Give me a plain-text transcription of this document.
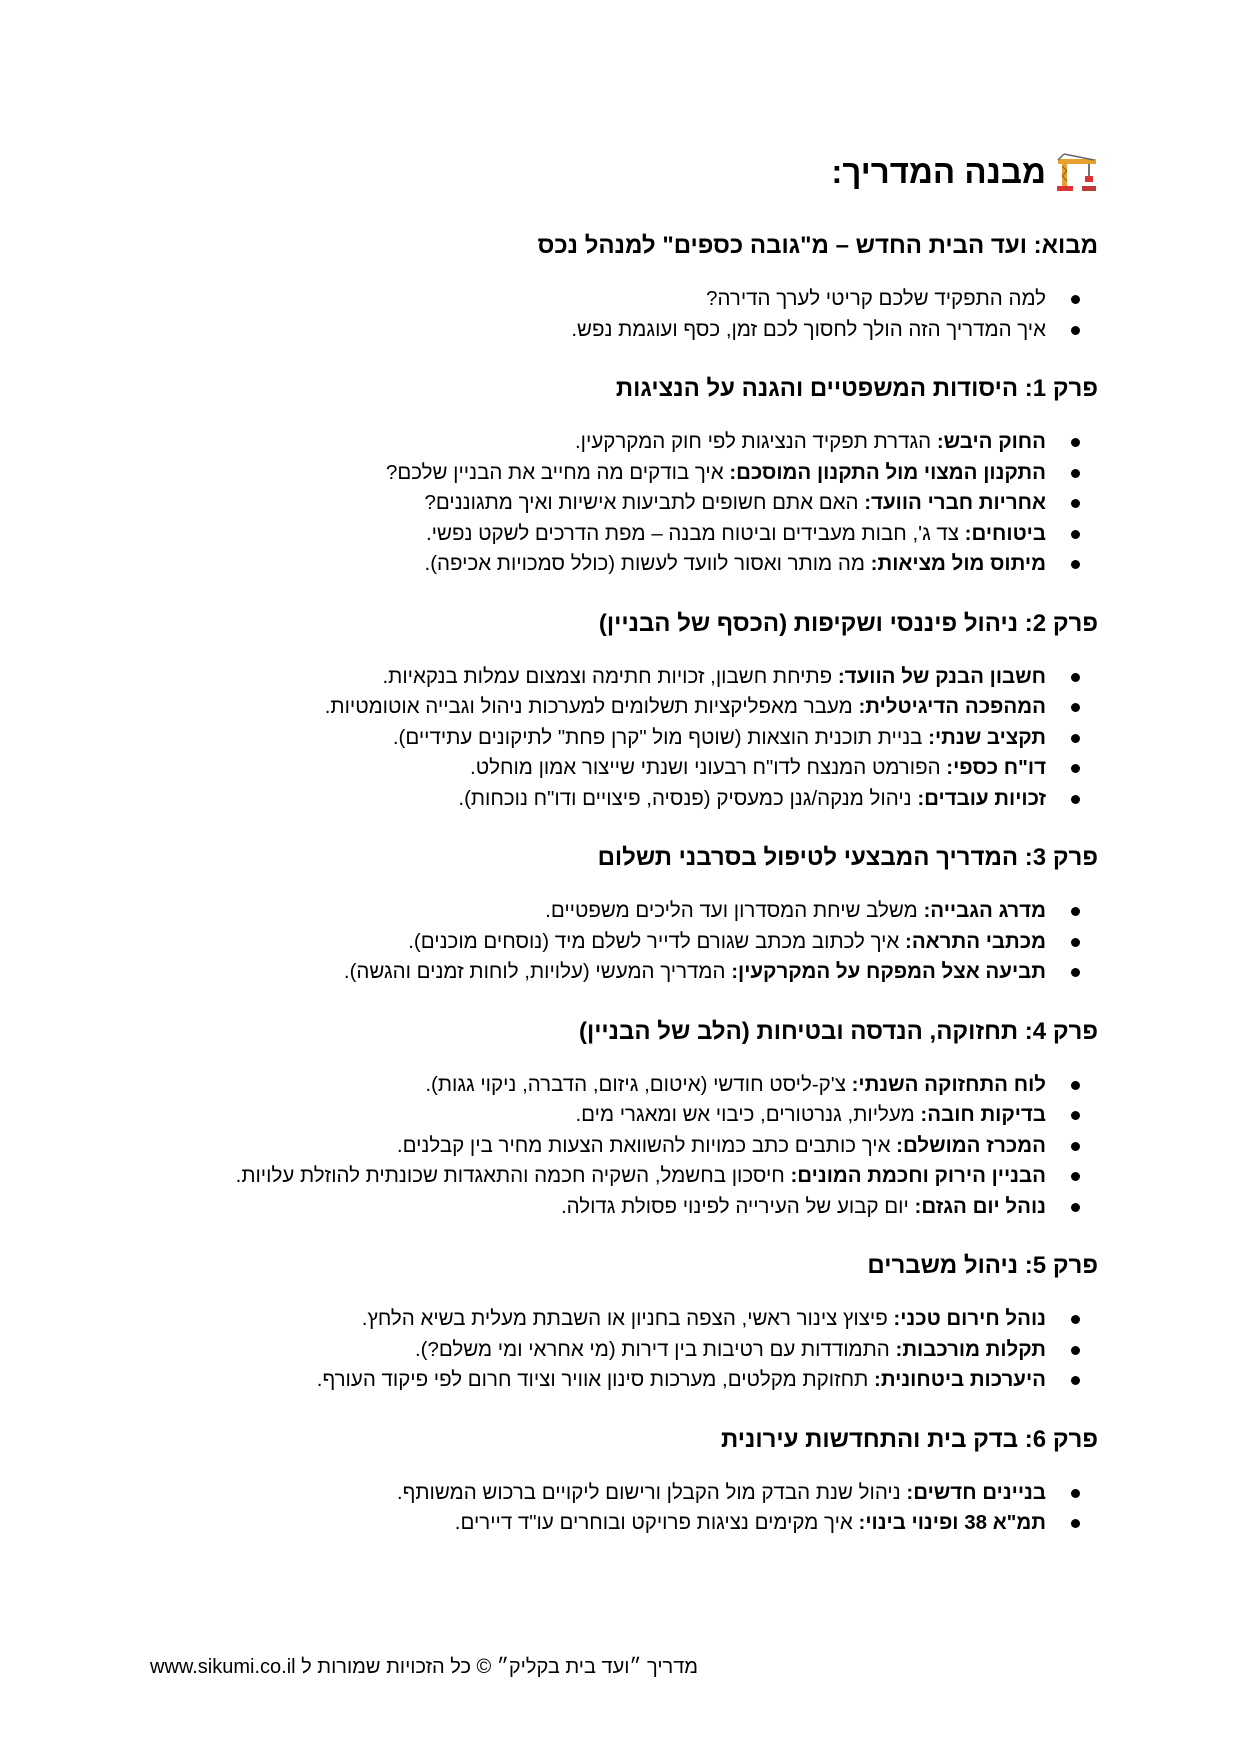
מבנה המדריך:
מבוא: ועד הבית החדש – מ"גובה כספים" למנהל נכס
למה התפקיד שלכם קריטי לערך הדירה?
איך המדריך הזה הולך לחסוך לכם זמן, כסף ועוגמת נפש.
פרק 1: היסודות המשפטיים והגנה על הנציגות
החוק היבש: הגדרת תפקיד הנציגות לפי חוק המקרקעין.
התקנון המצוי מול התקנון המוסכם: איך בודקים מה מחייב את הבניין שלכם?
אחריות חברי הוועד: האם אתם חשופים לתביעות אישיות ואיך מתגוננים?
ביטוחים: צד ג', חבות מעבידים וביטוח מבנה – מפת הדרכים לשקט נפשי.
מיתוס מול מציאות: מה מותר ואסור לוועד לעשות (כולל סמכויות אכיפה).
פרק 2: ניהול פיננסי ושקיפות (הכסף של הבניין)
חשבון הבנק של הוועד: פתיחת חשבון, זכויות חתימה וצמצום עמלות בנקאיות.
המהפכה הדיגיטלית: מעבר מאפליקציות תשלומים למערכות ניהול וגבייה אוטומטיות.
תקציב שנתי: בניית תוכנית הוצאות (שוטף מול "קרן פחת" לתיקונים עתידיים).
דו"ח כספי: הפורמט המנצח לדו"ח רבעוני ושנתי שייצור אמון מוחלט.
זכויות עובדים: ניהול מנקה/גנן כמעסיק (פנסיה, פיצויים ודו"ח נוכחות).
פרק 3: המדריך המבצעי לטיפול בסרבני תשלום
מדרג הגבייה: משלב שיחת המסדרון ועד הליכים משפטיים.
מכתבי התראה: איך לכתוב מכתב שגורם לדייר לשלם מיד (נוסחים מוכנים).
תביעה אצל המפקח על המקרקעין: המדריך המעשי (עלויות, לוחות זמנים והגשה).
פרק 4: תחזוקה, הנדסה ובטיחות (הלב של הבניין)
לוח התחזוקה השנתי: צ'ק-ליסט חודשי (איטום, גיזום, הדברה, ניקוי גגות).
בדיקות חובה: מעליות, גנרטורים, כיבוי אש ומאגרי מים.
המכרז המושלם: איך כותבים כתב כמויות להשוואת הצעות מחיר בין קבלנים.
הבניין הירוק וחכמת המונים: חיסכון בחשמל, השקיה חכמה והתאגדות שכונתית להוזלת עלויות.
נוהל יום הגזם: יום קבוע של העירייה לפינוי פסולת גדולה.
פרק 5: ניהול משברים
נוהל חירום טכני: פיצוץ צינור ראשי, הצפה בחניון או השבתת מעלית בשיא הלחץ.
תקלות מורכבות: התמודדות עם רטיבות בין דירות (מי אחראי ומי משלם?).
היערכות ביטחונית: תחזוקת מקלטים, מערכות סינון אוויר וציוד חרום לפי פיקוד העורף.
פרק 6: בדק בית והתחדשות עירונית
בניינים חדשים: ניהול שנת הבדק מול הקבלן ורישום ליקויים ברכוש המשותף.
תמ"א 38 ופינוי בינוי: איך מקימים נציגות פרויקט ובוחרים עו"ד דיירים.
מדריך ״ועד בית בקליק״ © כל הזכויות שמורות ל www.sikumi.co.il
